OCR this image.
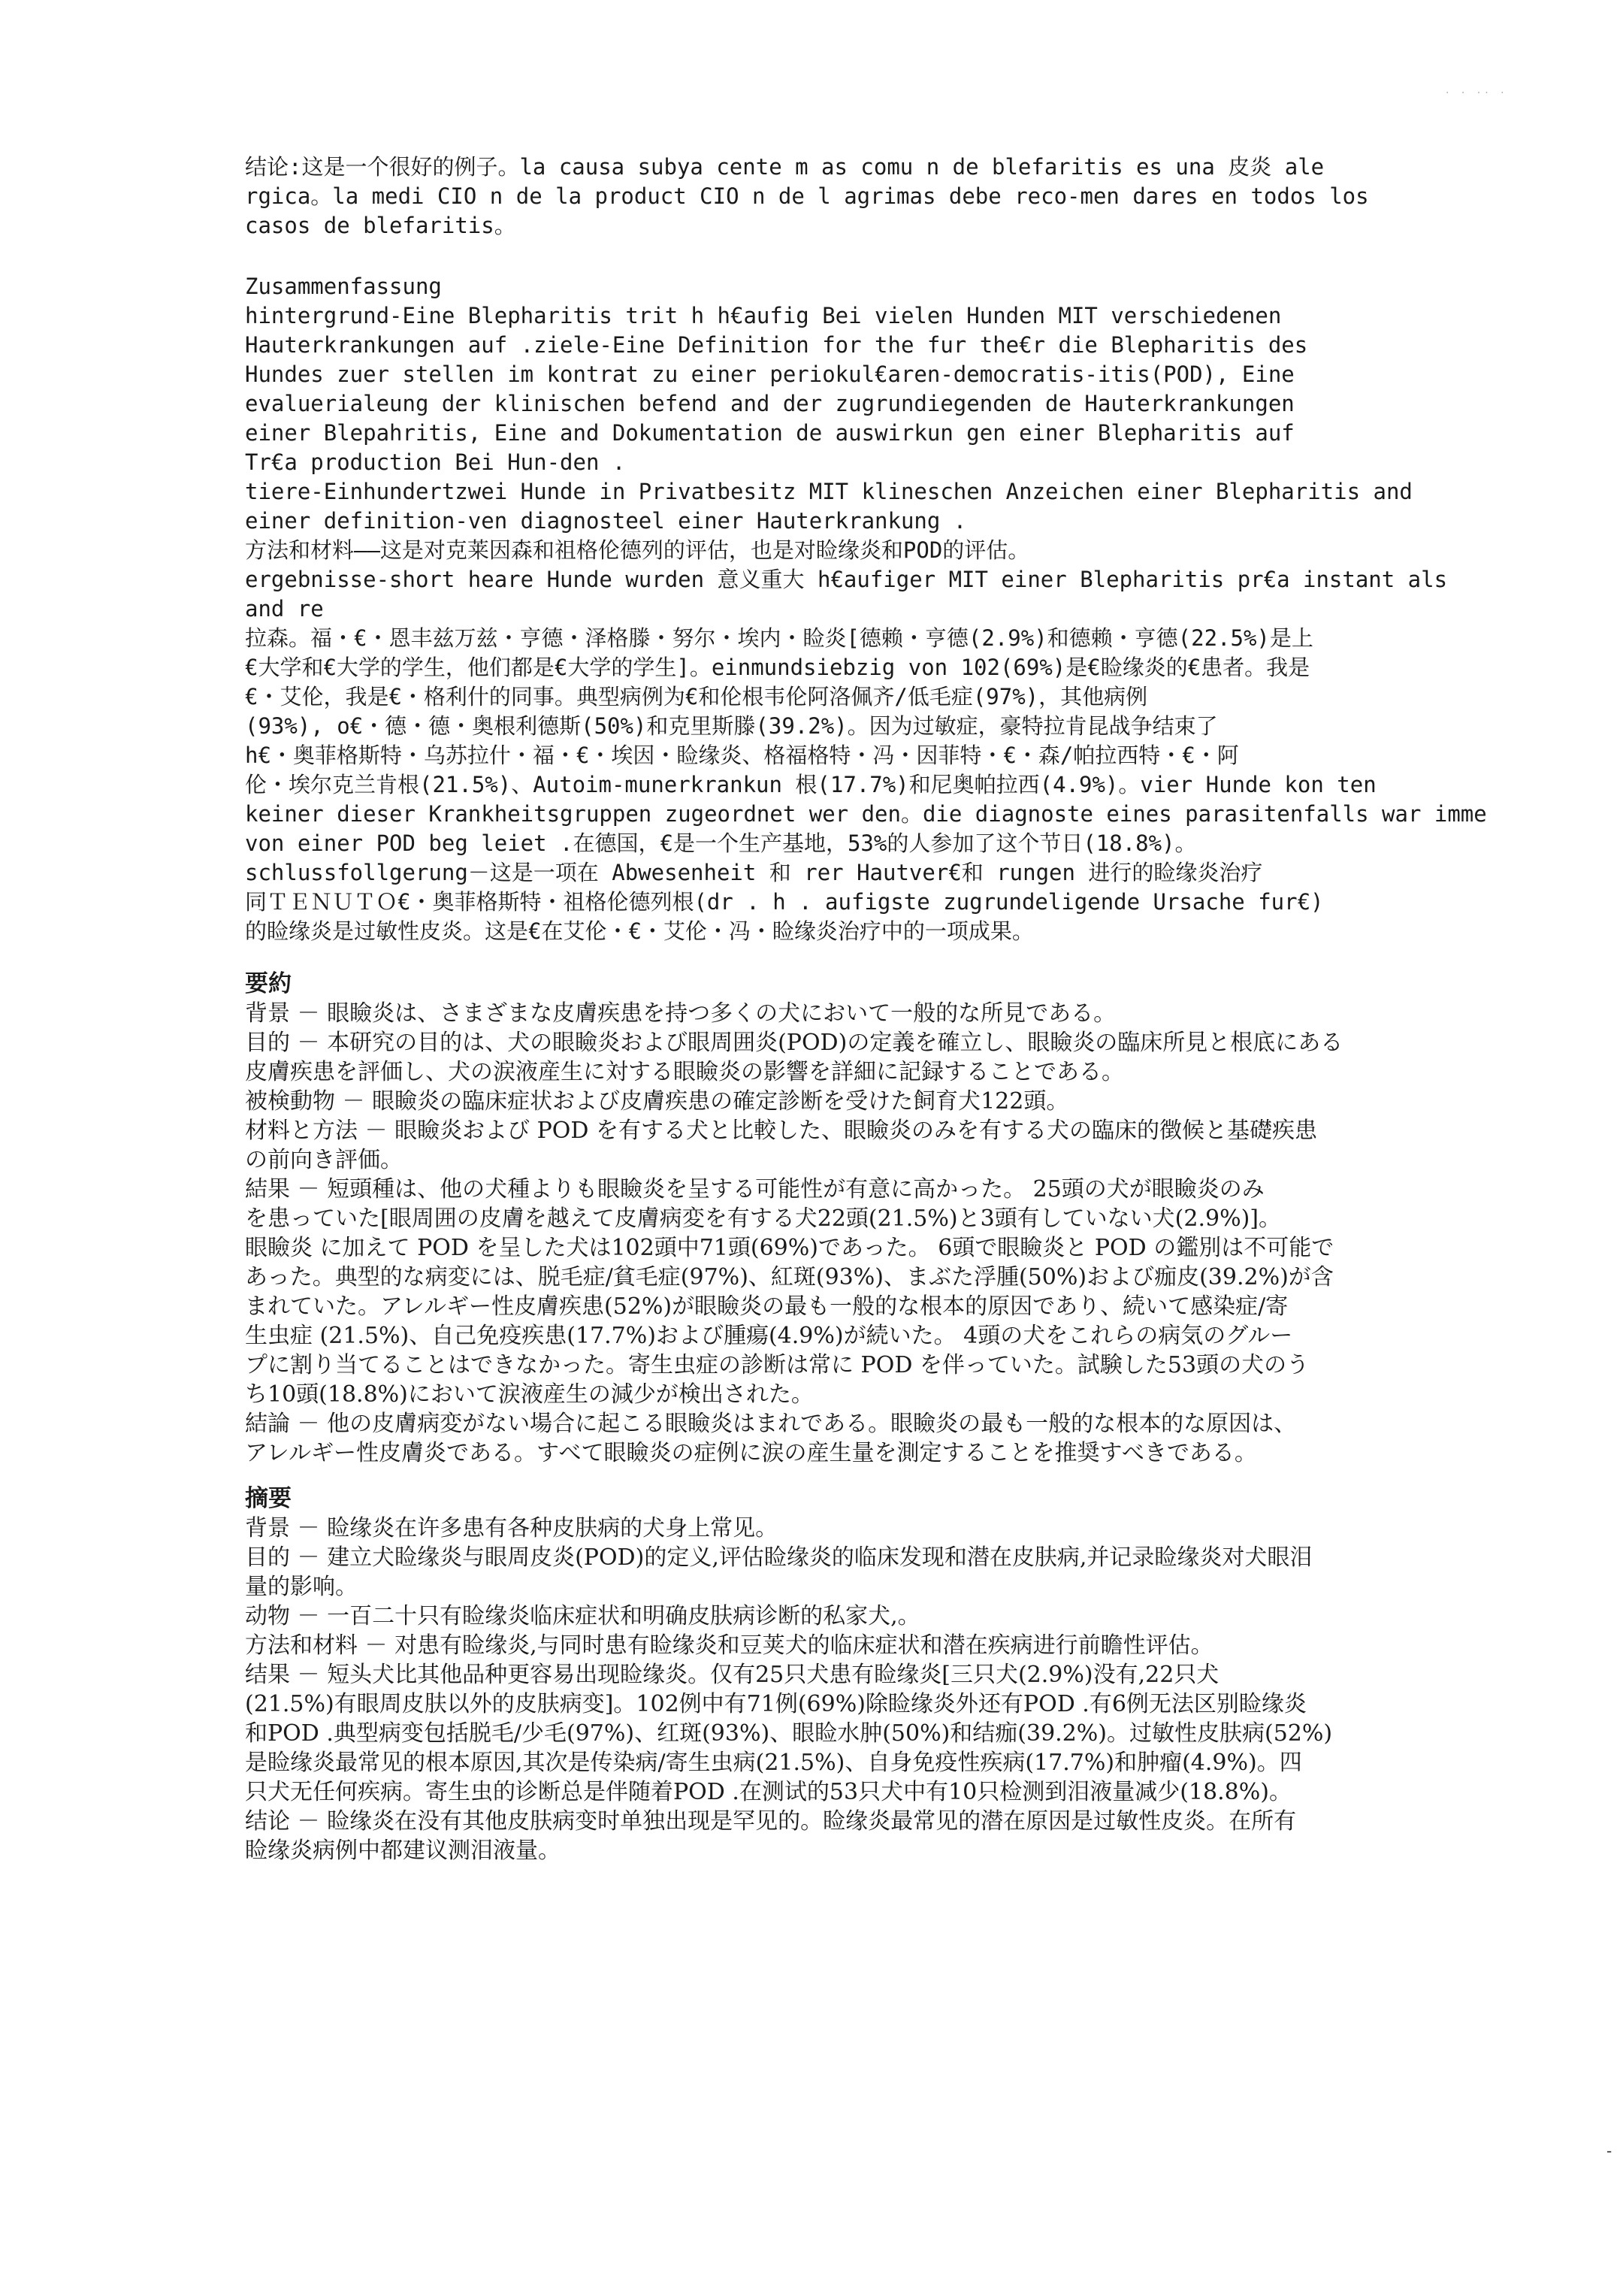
. . .. .
-

结论:这是一个很好的例子。la causa subya cente m as comu n de blefaritis es una 皮炎 ale
rgica。la medi CIO n de la product CIO n de l agrimas debe reco-men dares en todos los
casos de blefaritis。

Zusammenfassung

hintergrund-Eine Blepharitis trit h h€aufig Bei vielen Hunden MIT verschiedenen
Hauterkrankungen auf .ziele-Eine Definition for the fur the€r die Blepharitis des
Hundes zuer stellen im kontrat zu einer periokul€aren-democratis-itis(POD), Eine
evaluerialeung der klinischen befend and der zugrundiegenden de Hauterkrankungen
einer Blepahritis, Eine and Dokumentation de auswirkun gen einer Blepharitis auf
Tr€a production Bei Hun-den .

tiere-Einhundertzwei Hunde in Privatbesitz MIT klineschen Anzeichen einer Blepharitis and
einer definition-ven diagnosteel einer Hauterkrankung .

方法和材料——这是对克莱因森和祖格伦德列的评估，也是对睑缘炎和POD的评估。

ergebnisse-short heare Hunde wurden 意义重大 h€aufiger MIT einer Blepharitis pr€a instant als
and re

拉森。福・€・恩丰兹万兹・亨德・泽格滕・努尔・埃内・睑炎[德赖・亨德(2.9%)和德赖・亨德(22.5%)是上
€大学和€大学的学生，他们都是€大学的学生]。einmundsiebzig von 102(69%)是€睑缘炎的€患者。我是
€・艾伦，我是€・格利什的同事。典型病例为€和伦根韦伦阿洛佩齐/低毛症(97%)，其他病例
(93%), o€・德・德・奥根利德斯(50%)和克里斯滕(39.2%)。因为过敏症，豪特拉肯昆战争结束了
h€・奥菲格斯特・乌苏拉什・福・€・埃因・睑缘炎、格福格特・冯・因菲特・€・森/帕拉西特・€・阿
伦・埃尔克兰肯根(21.5%)、Autoim-munerkrankun 根(17.7%)和尼奥帕拉西(4.9%)。vier Hunde kon ten
keiner dieser Krankheitsgruppen zugeordnet wer den。die diagnoste eines parasitenfalls war imme
von einer POD beg leiet .在德国，€是一个生产基地，53%的人参加了这个节日(18.8%)。

schlussfollgerung－这是一项在 Abwesenheit 和 rer Hautver€和 rungen 进行的睑缘炎治疗
同ＴＥＮＵＴＯ€・奥菲格斯特・祖格伦德列根(dr . h . aufigste zugrundeligende Ursache fur€)
的睑缘炎是过敏性皮炎。这是€在艾伦・€・艾伦・冯・睑缘炎治疗中的一项成果。

要約

背景 － 眼瞼炎は、さまざまな皮膚疾患を持つ多くの犬において一般的な所見である。

目的 － 本研究の目的は、犬の眼瞼炎および眼周囲炎(POD)の定義を確立し、眼瞼炎の臨床所見と根底にある
皮膚疾患を評価し、犬の涙液産生に対する眼瞼炎の影響を詳細に記録することである。

被検動物 － 眼瞼炎の臨床症状および皮膚疾患の確定診断を受けた飼育犬122頭。

材料と方法 － 眼瞼炎および POD を有する犬と比較した、眼瞼炎のみを有する犬の臨床的徴候と基礎疾患
の前向き評価。

結果 － 短頭種は、他の犬種よりも眼瞼炎を呈する可能性が有意に高かった。 25頭の犬が眼瞼炎のみ
を患っていた[眼周囲の皮膚を越えて皮膚病変を有する犬22頭(21.5%)と3頭有していない犬(2.9%)]。
眼瞼炎 に加えて POD を呈した犬は102頭中71頭(69%)であった。 6頭で眼瞼炎と POD の鑑別は不可能で
あった。典型的な病変には、脱毛症/貧毛症(97%)、紅斑(93%)、まぶた浮腫(50%)および痂皮(39.2%)が含
まれていた。アレルギー性皮膚疾患(52%)が眼瞼炎の最も一般的な根本的原因であり、続いて感染症/寄
生虫症 (21.5%)、自己免疫疾患(17.7%)および腫瘍(4.9%)が続いた。 4頭の犬をこれらの病気のグルー
プに割り当てることはできなかった。寄生虫症の診断は常に POD を伴っていた。試験した53頭の犬のう
ち10頭(18.8%)において涙液産生の減少が検出された。

結論 － 他の皮膚病変がない場合に起こる眼瞼炎はまれである。眼瞼炎の最も一般的な根本的な原因は、
アレルギー性皮膚炎である。すべて眼瞼炎の症例に涙の産生量を測定することを推奨すべきである。

摘要

背景 － 睑缘炎在许多患有各种皮肤病的犬身上常见。

目的 － 建立犬睑缘炎与眼周皮炎(POD)的定义,评估睑缘炎的临床发现和潜在皮肤病,并记录睑缘炎对犬眼泪
量的影响。

动物 － 一百二十只有睑缘炎临床症状和明确皮肤病诊断的私家犬,。

方法和材料 － 对患有睑缘炎,与同时患有睑缘炎和豆荚犬的临床症状和潜在疾病进行前瞻性评估。

结果 － 短头犬比其他品种更容易出现睑缘炎。仅有25只犬患有睑缘炎[三只犬(2.9%)没有,22只犬
(21.5%)有眼周皮肤以外的皮肤病变]。102例中有71例(69%)除睑缘炎外还有POD .有6例无法区别睑缘炎
和POD .典型病变包括脱毛/少毛(97%)、红斑(93%)、眼睑水肿(50%)和结痂(39.2%)。过敏性皮肤病(52%)
是睑缘炎最常见的根本原因,其次是传染病/寄生虫病(21.5%)、自身免疫性疾病(17.7%)和肿瘤(4.9%)。四
只犬无任何疾病。寄生虫的诊断总是伴随着POD .在测试的53只犬中有10只检测到泪液量减少(18.8%)。

结论 － 睑缘炎在没有其他皮肤病变时单独出现是罕见的。睑缘炎最常见的潜在原因是过敏性皮炎。在所有
睑缘炎病例中都建议测泪液量。
